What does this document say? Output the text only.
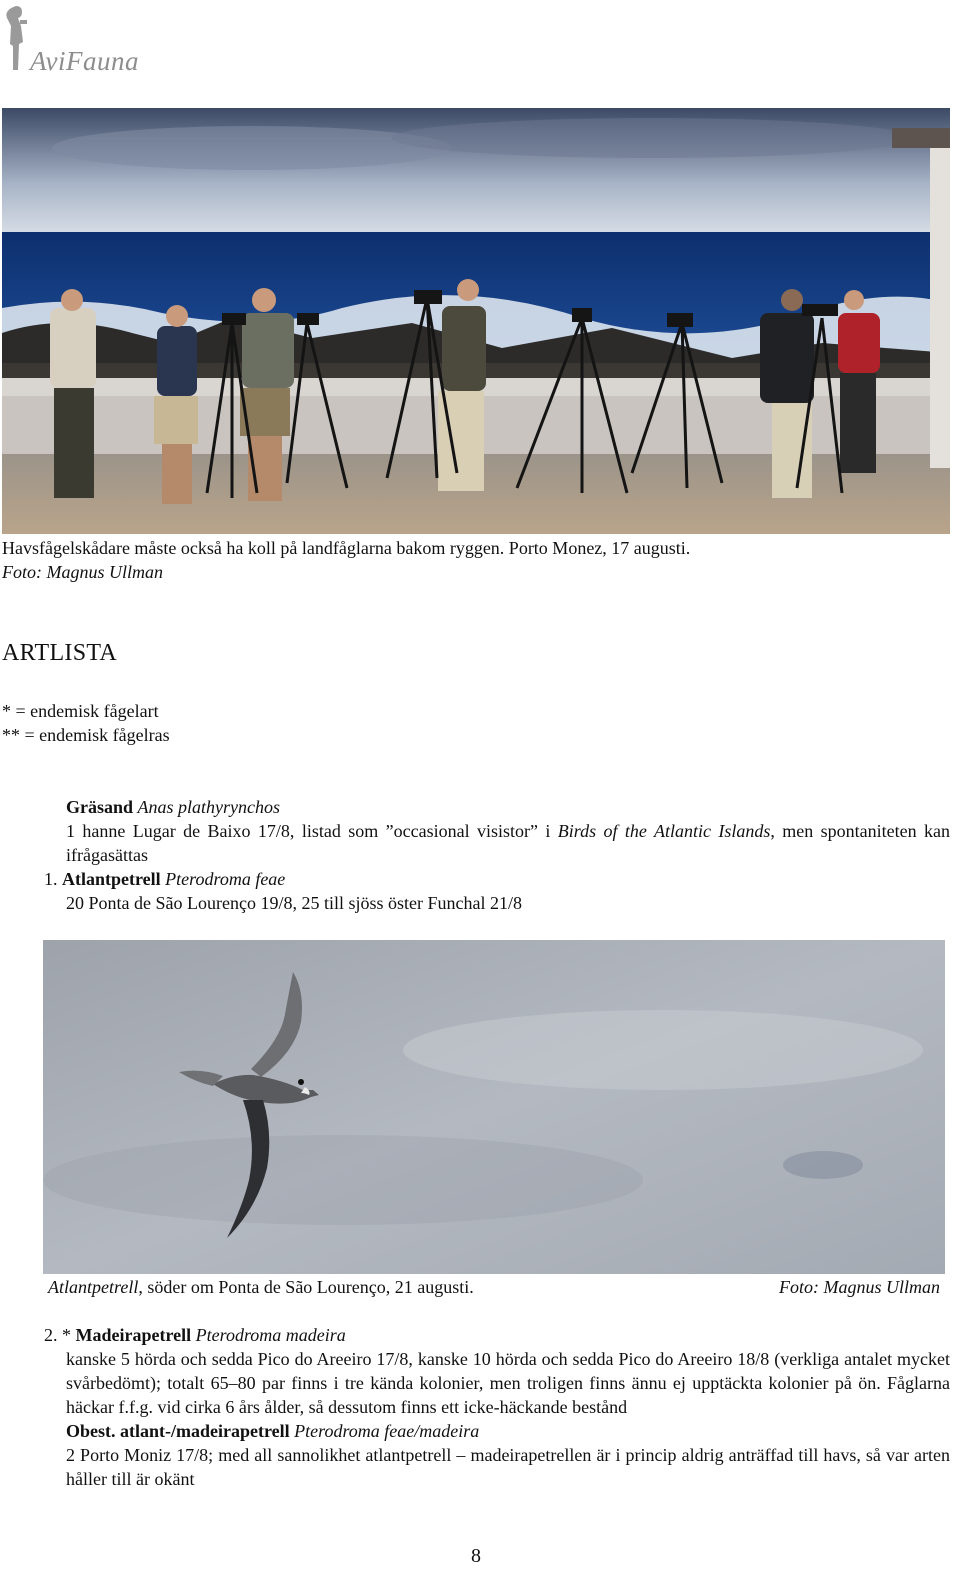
AviFauna
Havsfågelskådare måste också ha koll på landfåglarna bakom ryggen. Porto Monez, 17 augusti.
Foto: Magnus Ullman
ARTLISTA
* = endemisk fågelart
** = endemisk fågelras
Gräsand Anas plathyrynchos
1 hanne Lugar de Baixo 17/8, listad som ”occasional visistor” i Birds of the Atlantic Islands, men spontaniteten kan ifrågasättas
1. Atlantpetrell Pterodroma feae
20 Ponta de São Lourenço 19/8, 25 till sjöss öster Funchal 21/8
Atlantpetrell, söder om Ponta de São Lourenço, 21 augusti.	Foto: Magnus Ullman
2. * Madeirapetrell Pterodroma madeira
kanske 5 hörda och sedda Pico do Areeiro 17/8, kanske 10 hörda och sedda Pico do Areeiro 18/8 (verkliga antalet mycket svårbedömt); totalt 65–80 par finns i tre kända kolonier, men troligen finns ännu ej upptäckta kolonier på ön. Fåglarna häckar f.f.g. vid cirka 6 års ålder, så dessutom finns ett icke-häckande bestånd
Obest. atlant-/madeirapetrell Pterodroma feae/madeira
2 Porto Moniz 17/8; med all sannolikhet atlantpetrell – madeirapetrellen är i princip aldrig anträffad till havs, så var arten håller till är okänt
8
